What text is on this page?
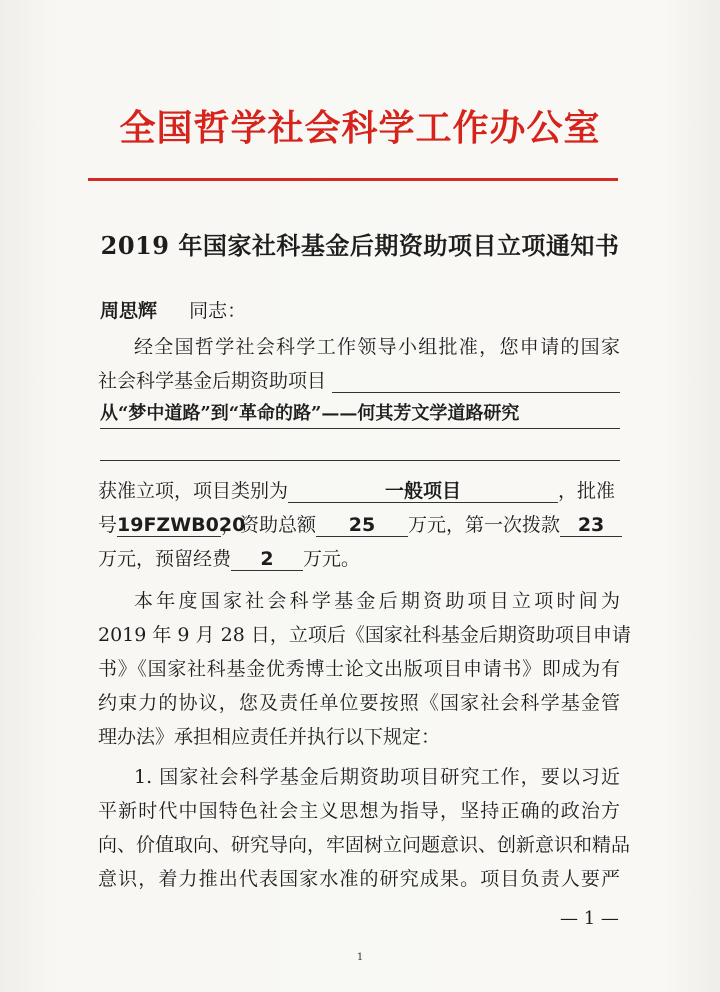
全国哲学社会科学工作办公室
2019 年国家社科基金后期资助项目立项通知书
周思辉 同志：
经全国哲学社会科学工作领导小组批准，您申请的国家
社会科学基金后期资助项目
从“梦中道路”到“革命的路”——何其芳文学道路研究
获准立项，项目类别为	一般项目	，批准
号19FZWB020，资助总额 25 万元，第一次拨款 23
万元，预留经费 2 万元。
本年度国家社会科学基金后期资助项目立项时间为
2019 年 9 月 28 日，立项后《国家社科基金后期资助项目申请
书》《国家社科基金优秀博士论文出版项目申请书》即成为有
约束力的协议，您及责任单位要按照《国家社会科学基金管
理办法》承担相应责任并执行以下规定：
1. 国家社会科学基金后期资助项目研究工作，要以习近
平新时代中国特色社会主义思想为指导，坚持正确的政治方
向、价值取向、研究导向，牢固树立问题意识、创新意识和精品
意识，着力推出代表国家水准的研究成果。项目负责人要严
— 1 —
1
